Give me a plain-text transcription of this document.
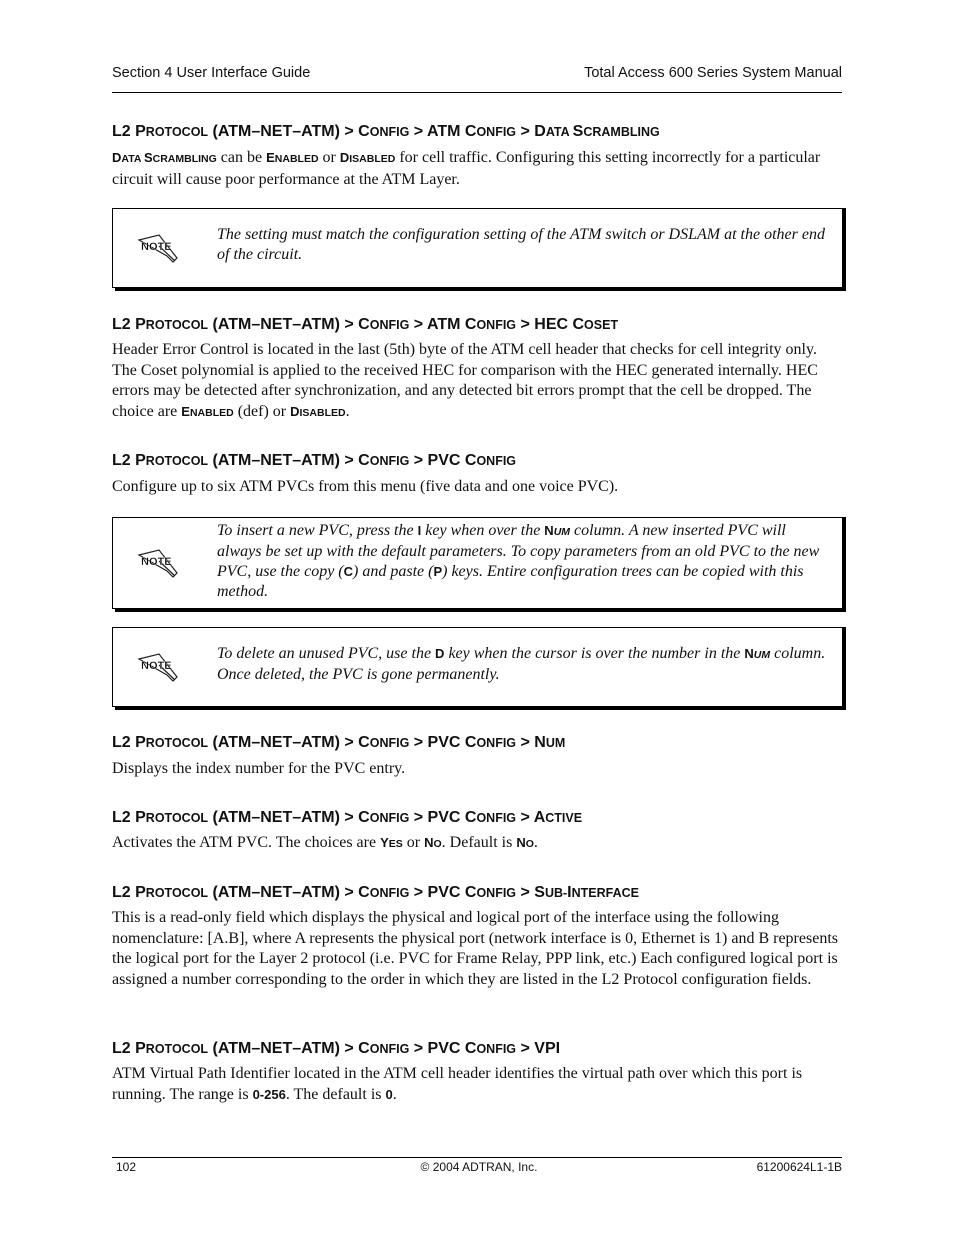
Section 4 User Interface Guide	Total Access 600 Series System Manual
L2 PROTOCOL (ATM–NET–ATM) > CONFIG > ATM CONFIG > DATA SCRAMBLING
DATA SCRAMBLING can be ENABLED or DISABLED for cell traffic. Configuring this setting incorrectly for a particular circuit will cause poor performance at the ATM Layer.
NOTE
The setting must match the configuration setting of the ATM switch or DSLAM at the other end of the circuit.
L2 PROTOCOL (ATM–NET–ATM) > CONFIG > ATM CONFIG > HEC COSET
Header Error Control is located in the last (5th) byte of the ATM cell header that checks for cell integrity only. The Coset polynomial is applied to the received HEC for comparison with the HEC generated internally. HEC errors may be detected after synchronization, and any detected bit errors prompt that the cell be dropped. The choice are ENABLED (def) or DISABLED.
L2 PROTOCOL (ATM–NET–ATM) > CONFIG > PVC CONFIG
Configure up to six ATM PVCs from this menu (five data and one voice PVC).
NOTE
To insert a new PVC, press the I key when over the NUM column. A new inserted PVC will always be set up with the default parameters. To copy parameters from an old PVC to the new PVC, use the copy (C) and paste (P) keys. Entire configuration trees can be copied with this method.
NOTE
To delete an unused PVC, use the D key when the cursor is over the number in the NUM column. Once deleted, the PVC is gone permanently.
L2 PROTOCOL (ATM–NET–ATM) > CONFIG > PVC CONFIG > NUM
Displays the index number for the PVC entry.
L2 PROTOCOL (ATM–NET–ATM) > CONFIG > PVC CONFIG > ACTIVE
Activates the ATM PVC. The choices are YES or NO. Default is NO.
L2 PROTOCOL (ATM–NET–ATM) > CONFIG > PVC CONFIG > SUB-INTERFACE
This is a read-only field which displays the physical and logical port of the interface using the following nomenclature: [A.B], where A represents the physical port (network interface is 0, Ethernet is 1) and B represents the logical port for the Layer 2 protocol (i.e. PVC for Frame Relay, PPP link, etc.) Each configured logical port is assigned a number corresponding to the order in which they are listed in the L2 Protocol configuration fields.
L2 PROTOCOL (ATM–NET–ATM) > CONFIG > PVC CONFIG > VPI
ATM Virtual Path Identifier located in the ATM cell header identifies the virtual path over which this port is running. The range is 0-256. The default is 0.
102	© 2004 ADTRAN, Inc.	61200624L1-1B
